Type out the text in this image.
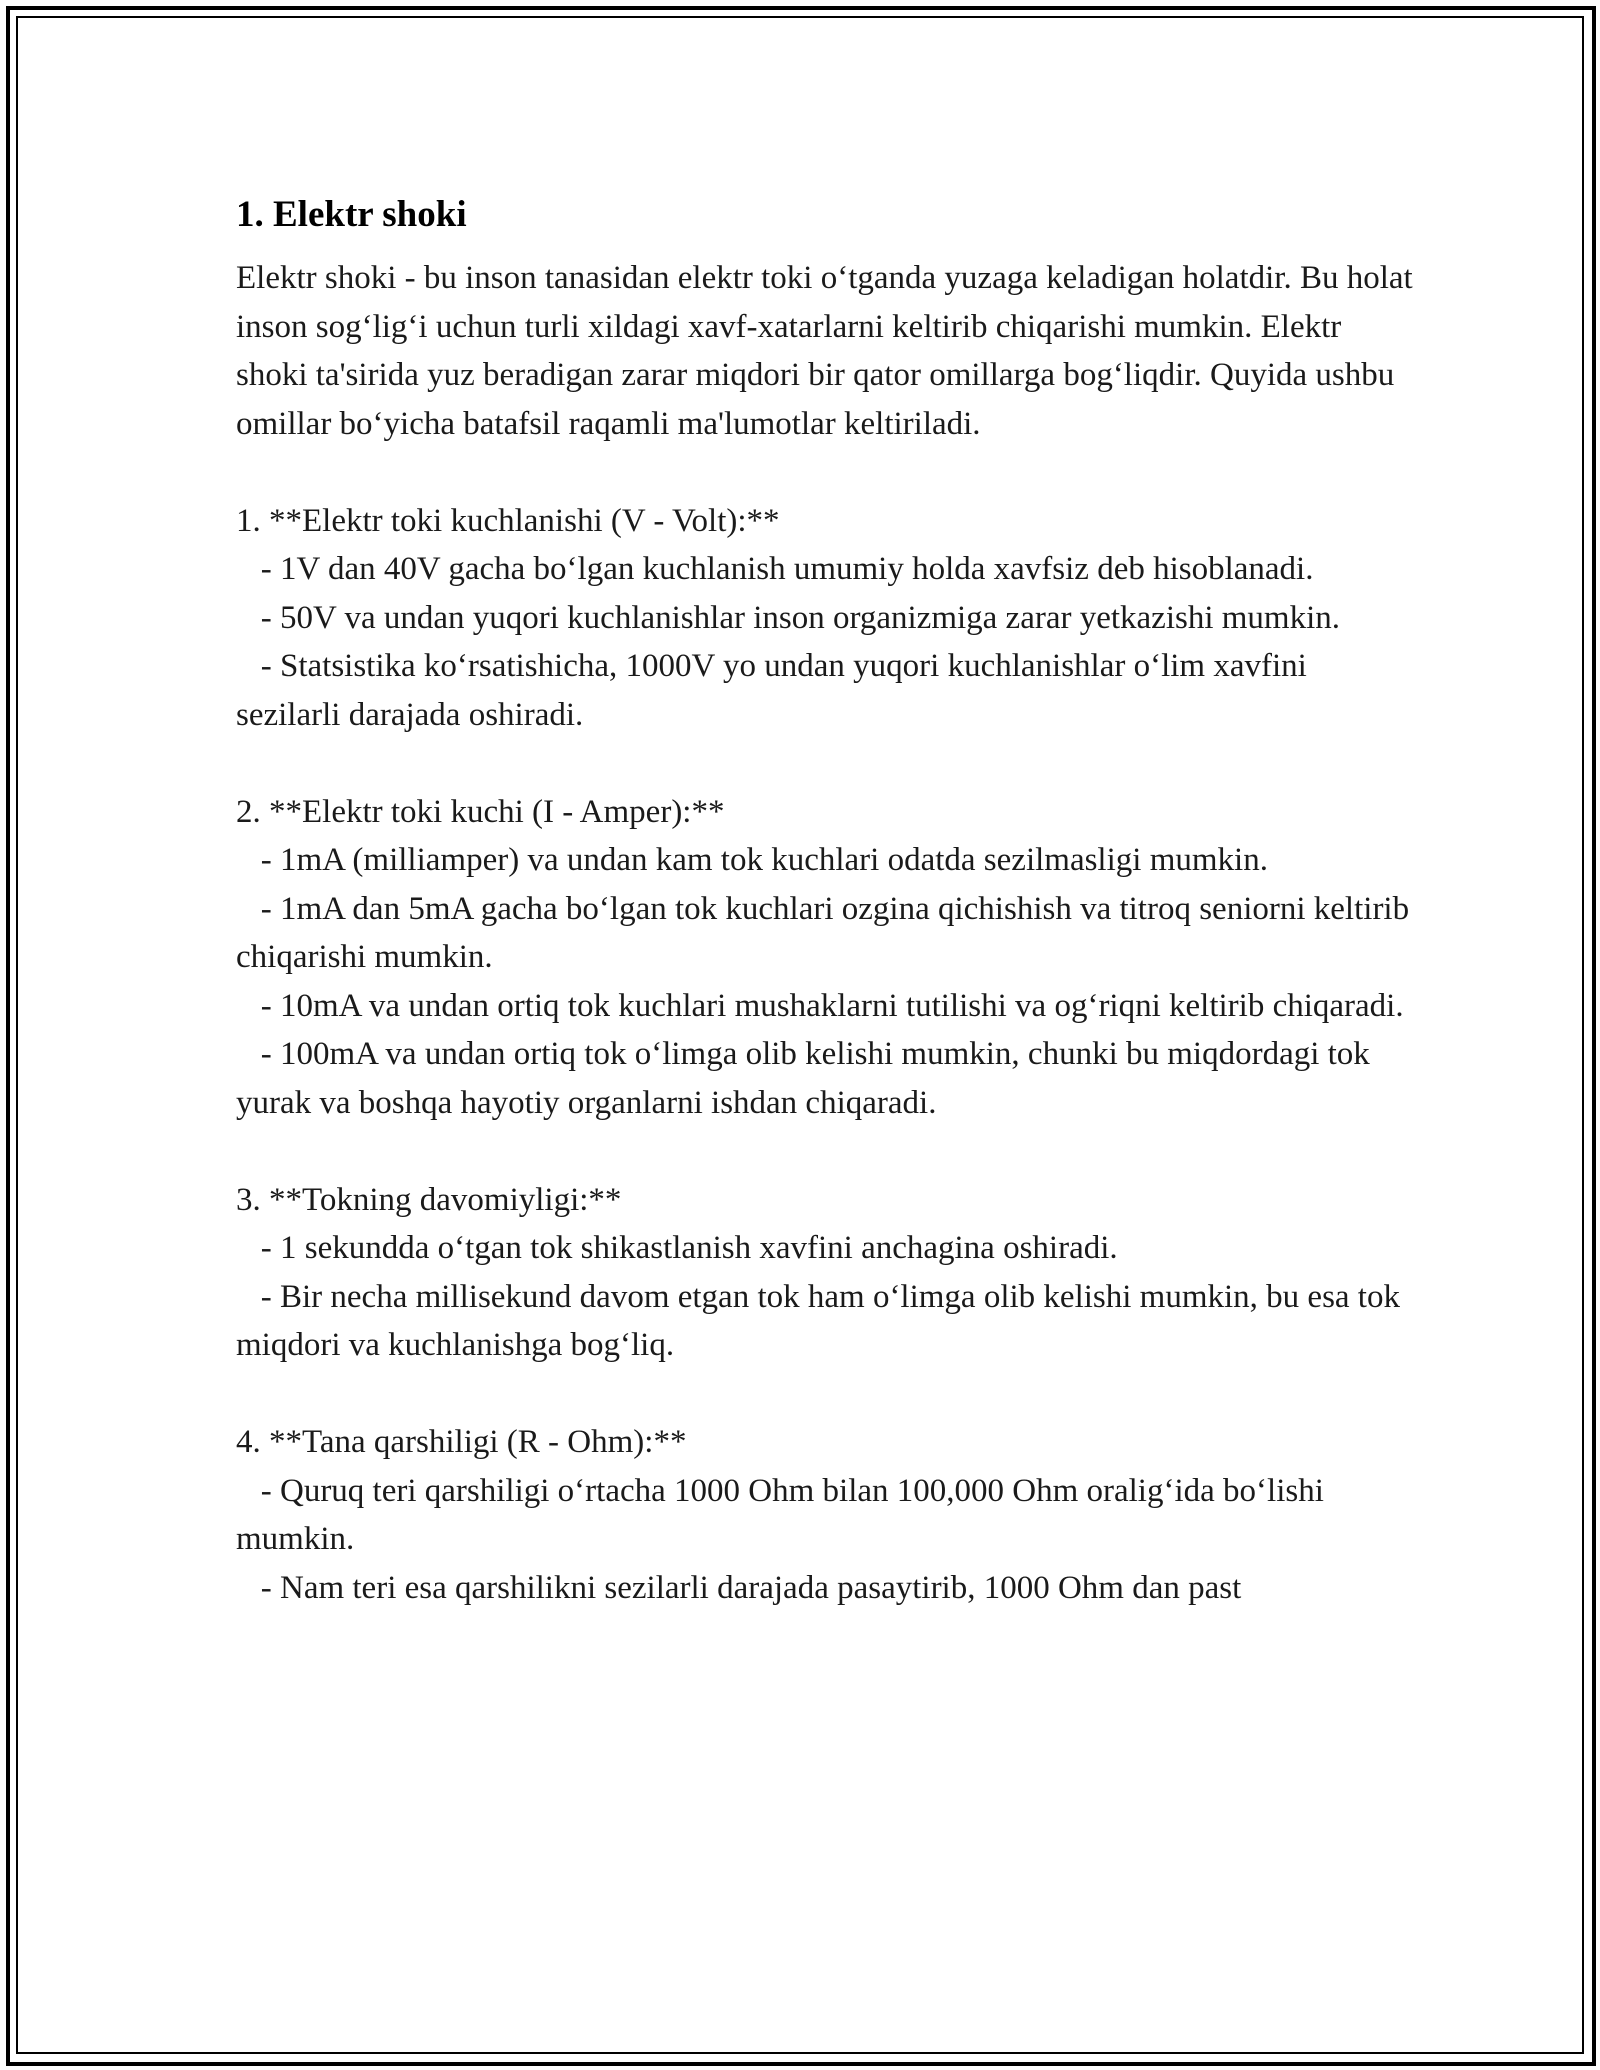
1. Elektr shoki

Elektr shoki - bu inson tanasidan elektr toki o‘tganda yuzaga keladigan holatdir. Bu holat inson sog‘lig‘i uchun turli xildagi xavf-xatarlarni keltirib chiqarishi mumkin. Elektr shoki ta'sirida yuz beradigan zarar miqdori bir qator omillarga bog‘liqdir. Quyida ushbu omillar bo‘yicha batafsil raqamli ma'lumotlar keltiriladi.

1. **Elektr toki kuchlanishi (V - Volt):**

- 1V dan 40V gacha bo‘lgan kuchlanish umumiy holda xavfsiz deb hisoblanadi.

- 50V va undan yuqori kuchlanishlar inson organizmiga zarar yetkazishi mumkin.

- Statsistika ko‘rsatishicha, 1000V yo undan yuqori kuchlanishlar o‘lim xavfini sezilarli darajada oshiradi.

2. **Elektr toki kuchi (I - Amper):**

- 1mA (milliamper) va undan kam tok kuchlari odatda sezilmasligi mumkin.

- 1mA dan 5mA gacha bo‘lgan tok kuchlari ozgina qichishish va titroq seniorni keltirib chiqarishi mumkin.

- 10mA va undan ortiq tok kuchlari mushaklarni tutilishi va og‘riqni keltirib chiqaradi.

- 100mA va undan ortiq tok o‘limga olib kelishi mumkin, chunki bu miqdordagi tok yurak va boshqa hayotiy organlarni ishdan chiqaradi.

3. **Tokning davomiyligi:**

- 1 sekundda o‘tgan tok shikastlanish xavfini anchagina oshiradi.

- Bir necha millisekund davom etgan tok ham o‘limga olib kelishi mumkin, bu esa tok miqdori va kuchlanishga bog‘liq.

4. **Tana qarshiligi (R - Ohm):**

- Quruq teri qarshiligi o‘rtacha 1000 Ohm bilan 100,000 Ohm oralig‘ida bo‘lishi mumkin.

- Nam teri esa qarshilikni sezilarli darajada pasaytirib, 1000 Ohm dan past
